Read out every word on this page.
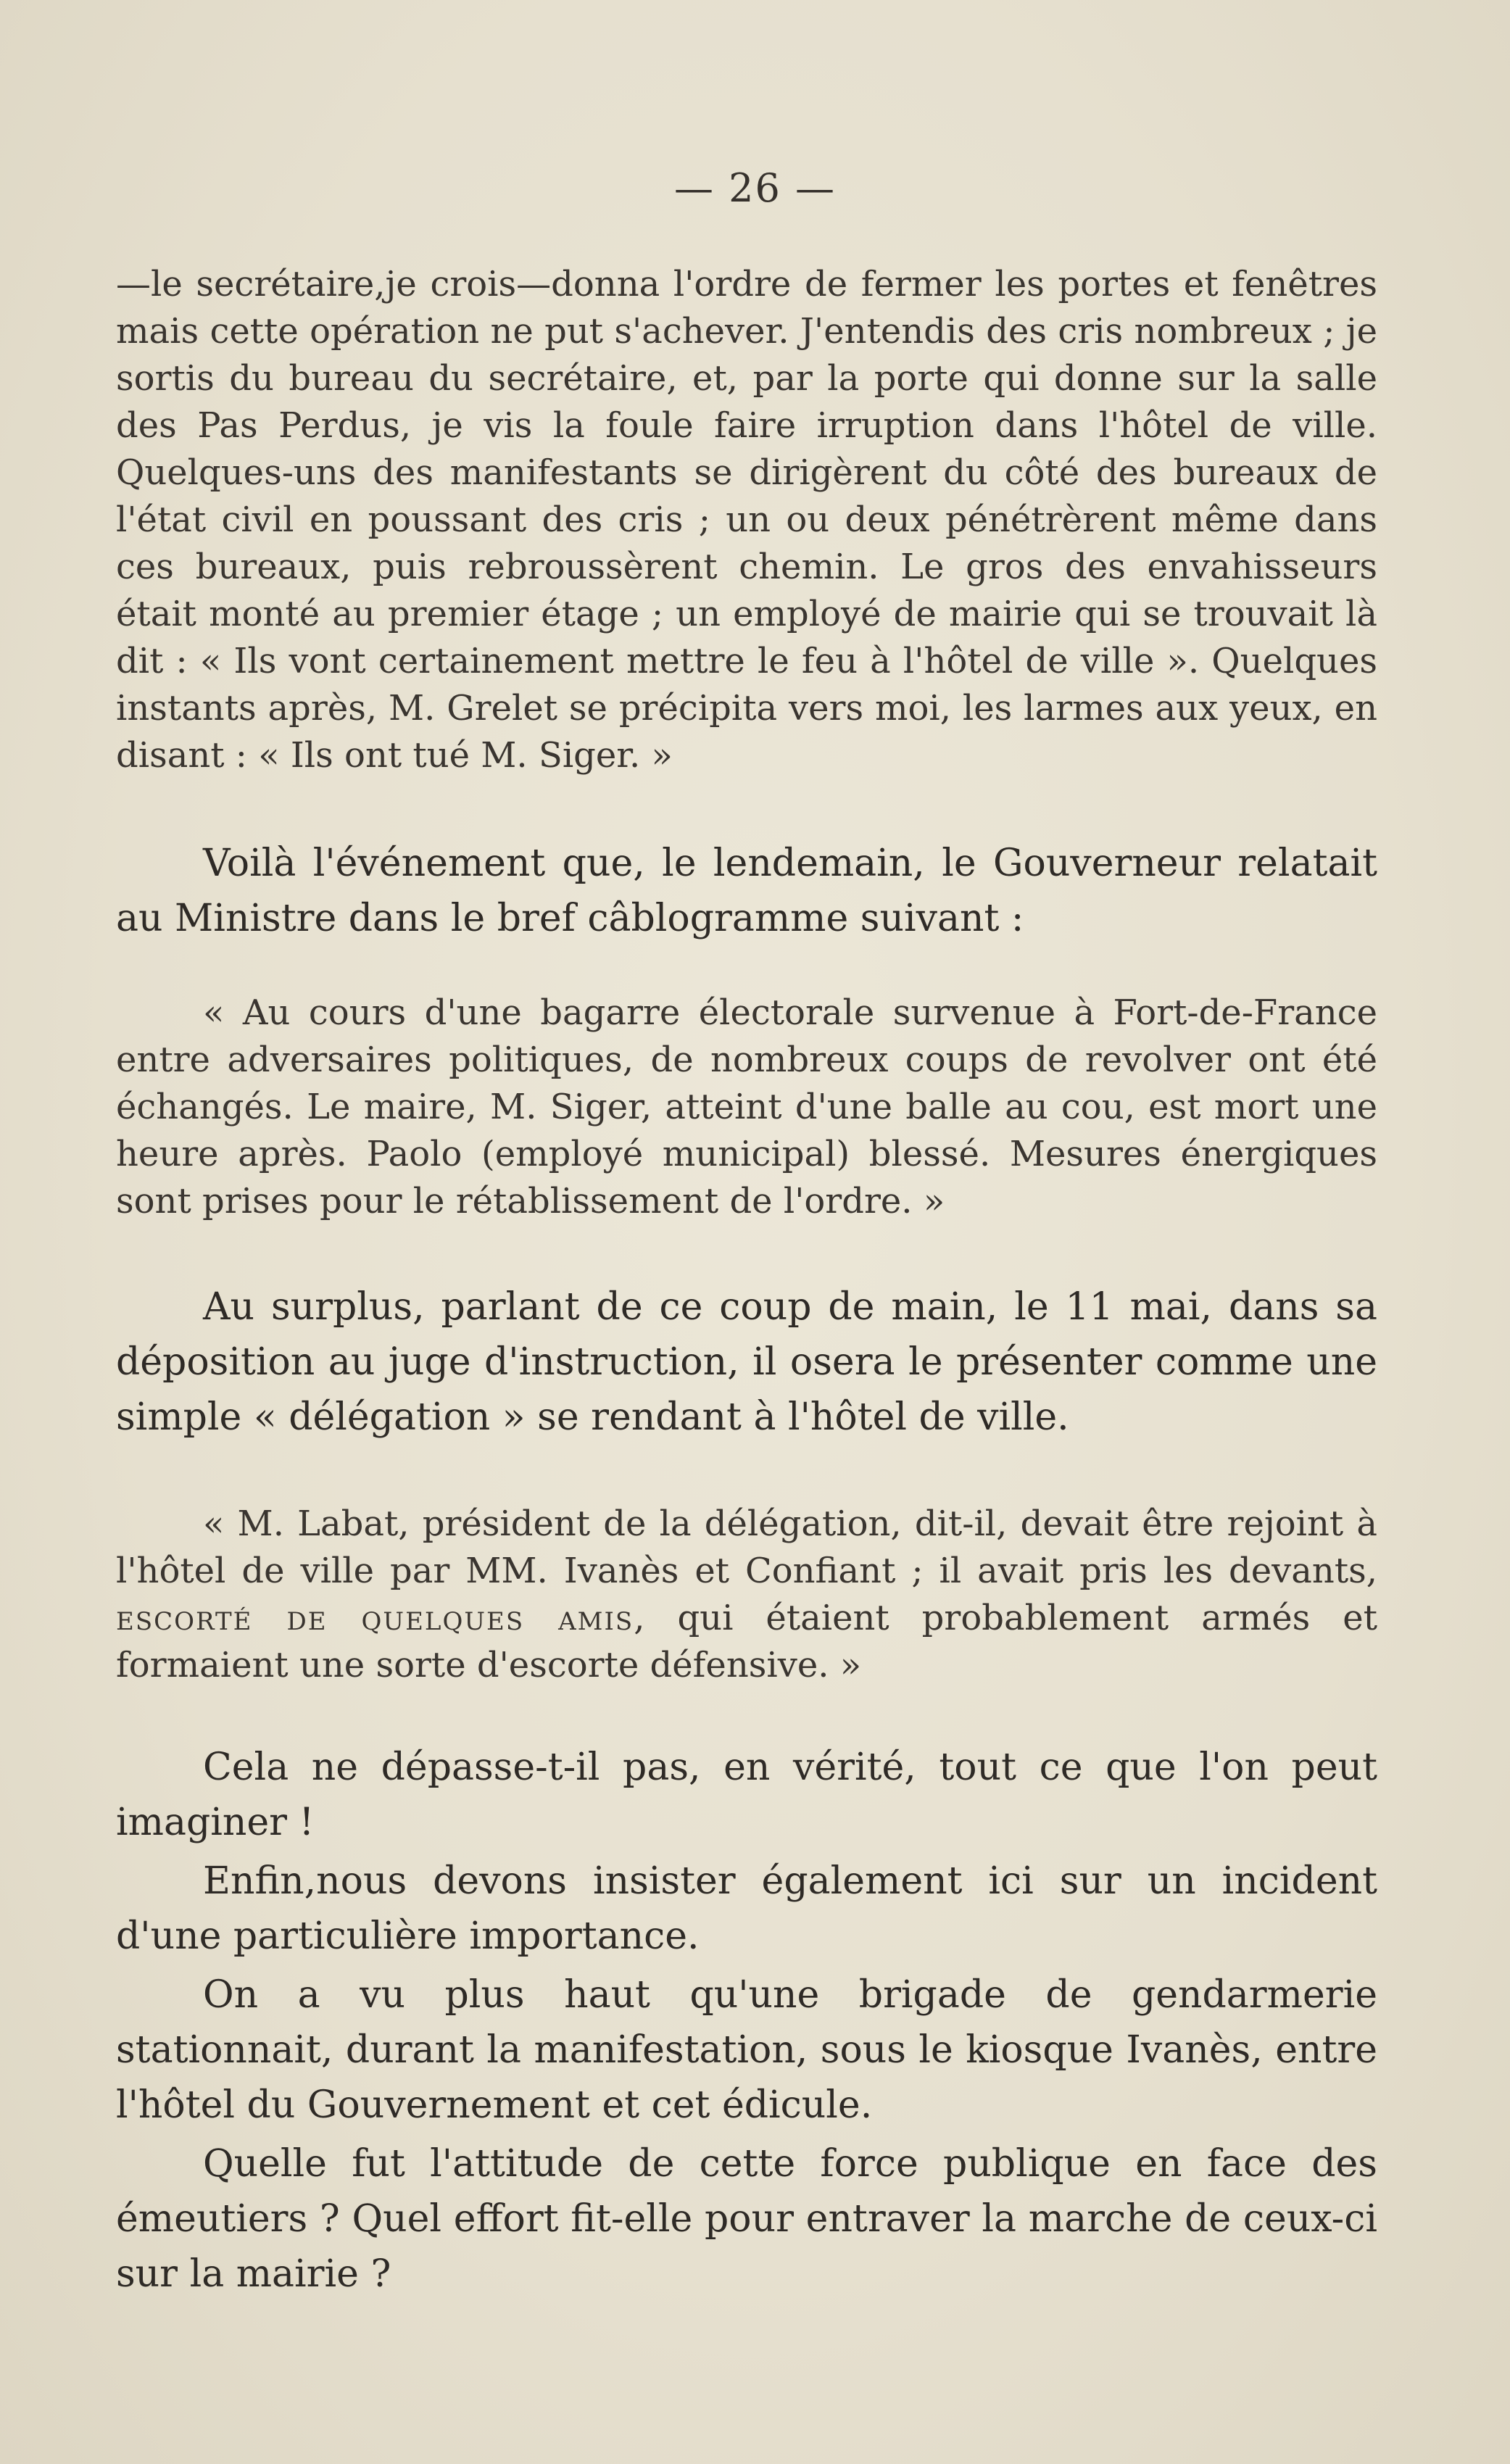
— 26 —
—le secrétaire,je crois—donna l'ordre de fermer les portes et fenêtres mais cette opération ne put s'achever. J'entendis des cris nombreux ; je sortis du bureau du secrétaire, et, par la porte qui donne sur la salle des Pas Perdus, je vis la foule faire irruption dans l'hôtel de ville. Quelques-uns des manifestants se dirigèrent du côté des bureaux de l'état civil en poussant des cris ; un ou deux pénétrèrent même dans ces bureaux, puis rebroussèrent chemin. Le gros des envahisseurs était monté au premier étage ; un employé de mairie qui se trouvait là dit : « Ils vont certainement mettre le feu à l'hôtel de ville ». Quelques instants après, M. Grelet se précipita vers moi, les larmes aux yeux, en disant : « Ils ont tué M. Siger. »
Voilà l'événement que, le lendemain, le Gouverneur relatait au Ministre dans le bref câblogramme suivant :
« Au cours d'une bagarre électorale survenue à Fort-de-France entre adversaires politiques, de nombreux coups de revolver ont été échangés. Le maire, M. Siger, atteint d'une balle au cou, est mort une heure après. Paolo (employé municipal) blessé. Mesures énergiques sont prises pour le rétablissement de l'ordre. »
Au surplus, parlant de ce coup de main, le 11 mai, dans sa déposition au juge d'instruction, il osera le présenter comme une simple « délégation » se rendant à l'hôtel de ville.
« M. Labat, président de la délégation, dit-il, devait être rejoint à l'hôtel de ville par MM. Ivanès et Confiant ; il avait pris les devants, escorté de quelques amis, qui étaient probablement armés et formaient une sorte d'escorte défensive. »

Cela ne dépasse-t-il pas, en vérité, tout ce que l'on peut imaginer !

Enfin,nous devons insister également ici sur un incident d'une particulière importance.

On a vu plus haut qu'une brigade de gendarmerie stationnait, durant la manifestation, sous le kiosque Ivanès, entre l'hôtel du Gouvernement et cet édicule.

Quelle fut l'attitude de cette force publique en face des émeutiers ? Quel effort fit-elle pour entraver la marche de ceux-ci sur la mairie ?
